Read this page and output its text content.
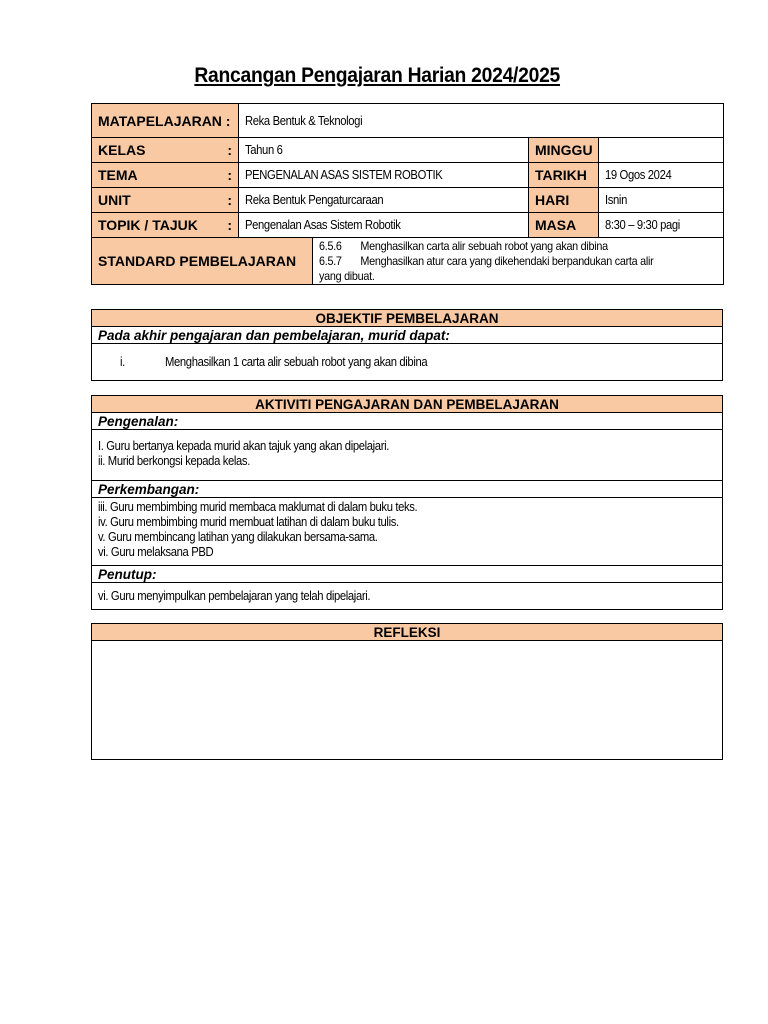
Rancangan Pengajaran Harian 2024/2025
MATAPELAJARAN :	Reka Bentuk & Teknologi			
KELAS :	Tahun 6		MINGGU	
TEMA :	PENGENALAN ASAS SISTEM ROBOTIK		TARIKH	19 Ogos 2024
UNIT :	Reka Bentuk Pengaturcaraan		HARI	Isnin
TOPIK / TAJUK :	Pengenalan Asas Sistem Robotik		MASA	8:30 – 9:30 pagi
STANDARD PEMBELAJARAN		6.5.6 Menghasilkan carta alir sebuah robot yang akan dibina
6.5.7 Menghasilkan atur cara yang dikehendaki berpandukan carta alir
yang dibuat.		
OBJEKTIF PEMBELAJARAN
Pada akhir pengajaran dan pembelajaran, murid dapat:
i.	Menghasilkan 1 carta alir sebuah robot yang akan dibina
AKTIVITI PENGAJARAN DAN PEMBELAJARAN
Pengenalan:
I. Guru bertanya kepada murid akan tajuk yang akan dipelajari.
ii. Murid berkongsi kepada kelas.
Perkembangan:
iii. Guru membimbing murid membaca maklumat di dalam buku teks.
iv. Guru membimbing murid membuat latihan di dalam buku tulis.
v. Guru membincang latihan yang dilakukan bersama-sama.
vi. Guru melaksana PBD
Penutup:
vi. Guru menyimpulkan pembelajaran yang telah dipelajari.
REFLEKSI
